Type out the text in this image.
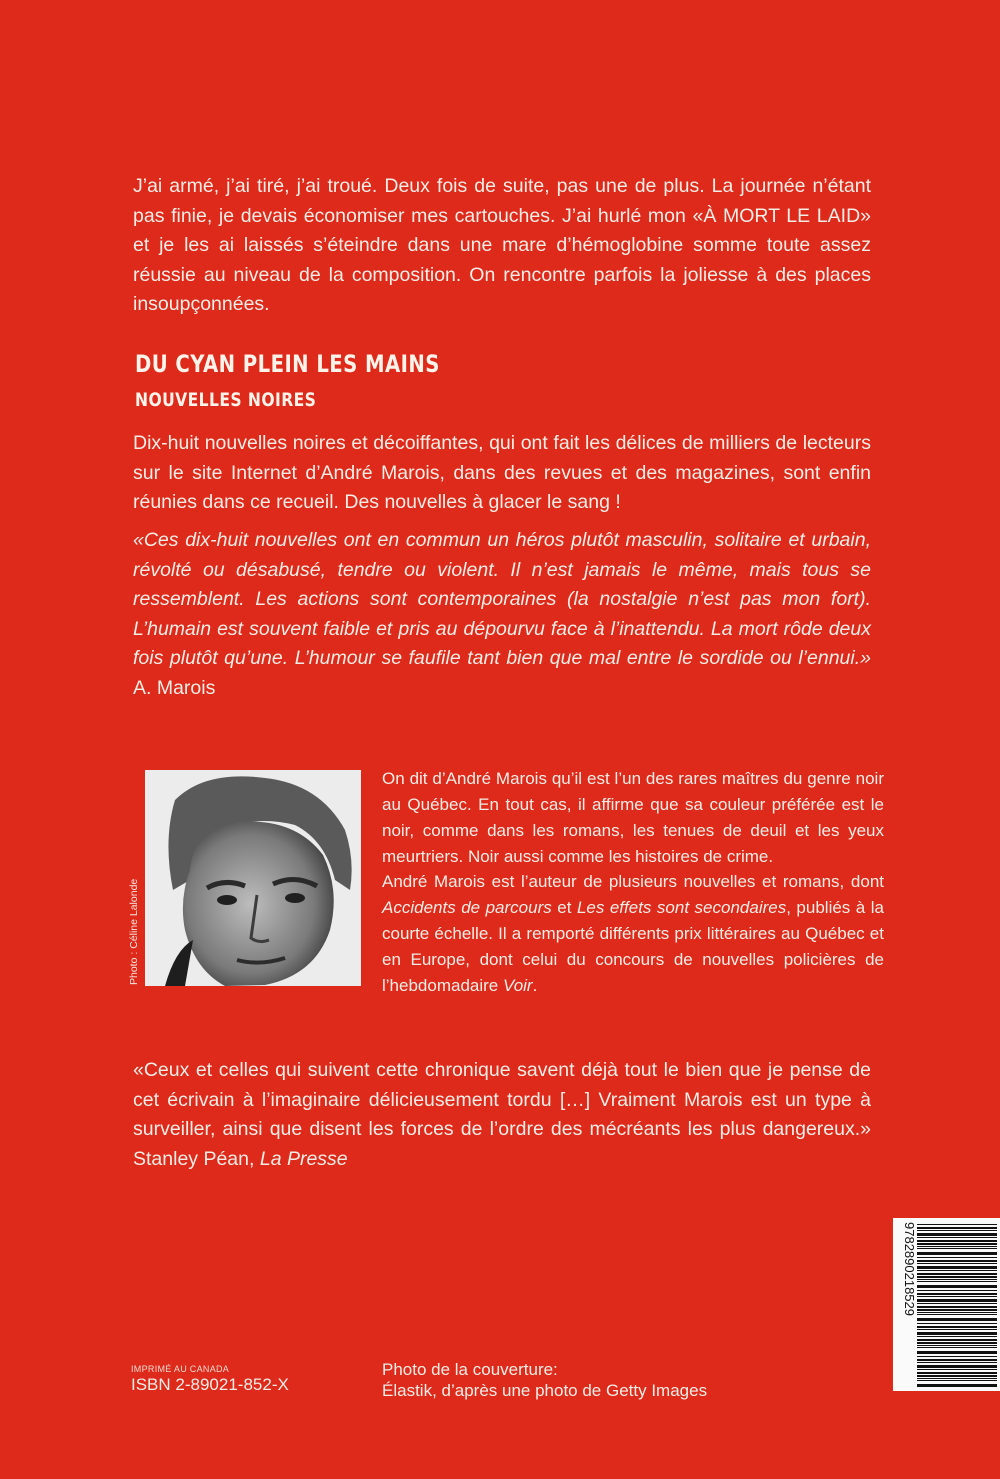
J’ai armé, j’ai tiré, j’ai troué. Deux fois de suite, pas une de plus. La journée n’étant pas finie, je devais économiser mes cartouches. J’ai hurlé mon «À MORT LE LAID» et je les ai laissés s’éteindre dans une mare d’hémoglobine somme toute assez réussie au niveau de la composition. On rencontre parfois la joliesse à des places insoupçonnées.

DU CYAN PLEIN LES MAINS
NOUVELLES NOIRES

Dix-huit nouvelles noires et décoiffantes, qui ont fait les délices de milliers de lecteurs sur le site Internet d’André Marois, dans des revues et des magazines, sont enfin réunies dans ce recueil. Des nouvelles à glacer le sang !

«Ces dix-huit nouvelles ont en commun un héros plutôt masculin, solitaire et urbain, révolté ou désabusé, tendre ou violent. Il n’est jamais le même, mais tous se ressemblent. Les actions sont contemporaines (la nostalgie n’est pas mon fort). L’humain est souvent faible et pris au dépourvu face à l’inattendu. La mort rôde deux fois plutôt qu’une. L’humour se faufile tant bien que mal entre le sordide ou l’ennui.» A. Marois

Photo : Céline Lalonde

On dit d’André Marois qu’il est l’un des rares maîtres du genre noir au Québec. En tout cas, il affirme que sa couleur préférée est le noir, comme dans les romans, les tenues de deuil et les yeux meurtriers. Noir aussi comme les histoires de crime.

André Marois est l’auteur de plusieurs nouvelles et romans, dont Accidents de parcours et Les effets sont secondaires, publiés à la courte échelle. Il a remporté différents prix littéraires au Québec et en Europe, dont celui du concours de nouvelles policières de l’hebdomadaire Voir.

«Ceux et celles qui suivent cette chronique savent déjà tout le bien que je pense de cet écrivain à l’imaginaire délicieusement tordu […] Vraiment Marois est un type à surveiller, ainsi que disent les forces de l’ordre des mécréants les plus dangereux.» Stanley Péan, La Presse

9782890218529

IMPRIMÉ AU CANADA

ISBN 2-89021-852-X

Photo de la couverture:
Élastik, d’après une photo de Getty Images
